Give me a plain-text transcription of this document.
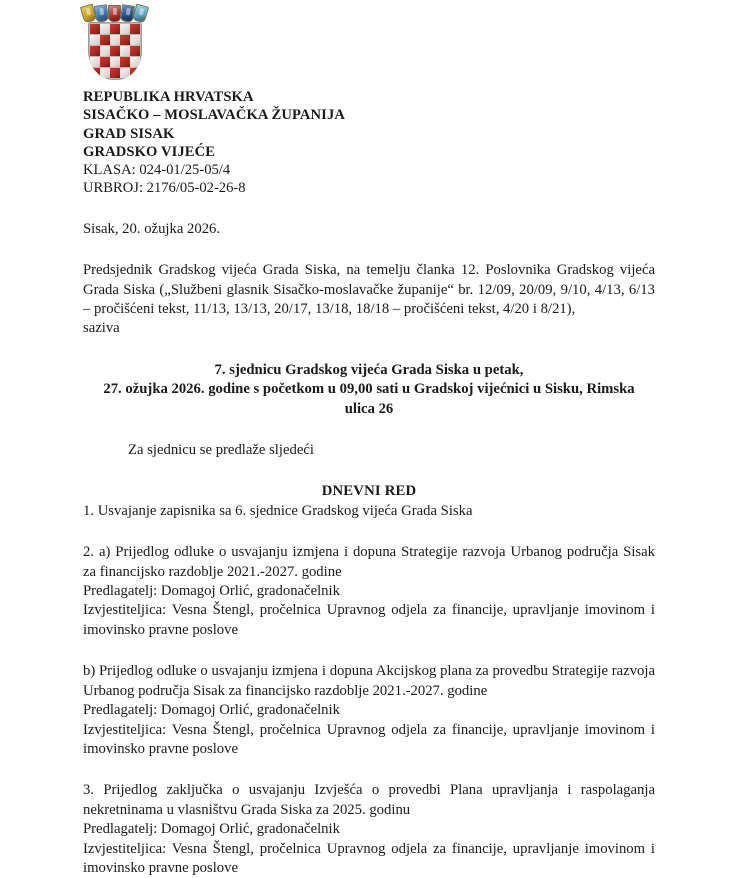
REPUBLIKA HRVATSKA
SISAČKO – MOSLAVAČKA ŽUPANIJA
GRAD SISAK
GRADSKO VIJEĆE
KLASA: 024-01/25-05/4
URBROJ: 2176/05-02-26-8
Sisak, 20. ožujka 2026.
Predsjednik Gradskog vijeća Grada Siska, na temelju članka 12. Poslovnika Gradskog vijeća Grada Siska („Službeni glasnik Sisačko-moslavačke županije“ br. 12/09, 20/09, 9/10, 4/13, 6/13 – pročišćeni tekst, 11/13, 13/13, 20/17, 13/18, 18/18 – pročišćeni tekst, 4/20 i 8/21),
saziva
7. sjednicu Gradskog vijeća Grada Siska u petak,
27. ožujka 2026. godine s početkom u 09,00 sati u Gradskoj vijećnici u Sisku, Rimska
ulica 26
Za sjednicu se predlaže sljedeći
DNEVNI RED
1. Usvajanje zapisnika sa 6. sjednice Gradskog vijeća Grada Siska
2. a) Prijedlog odluke o usvajanju izmjena i dopuna Strategije razvoja Urbanog područja Sisak za financijsko razdoblje 2021.-2027. godine
Predlagatelj: Domagoj Orlić, gradonačelnik
Izvjestiteljica: Vesna Štengl, pročelnica Upravnog odjela za financije, upravljanje imovinom i imovinsko pravne poslove
b) Prijedlog odluke o usvajanju izmjena i dopuna Akcijskog plana za provedbu Strategije razvoja Urbanog područja Sisak za financijsko razdoblje 2021.-2027. godine
Predlagatelj: Domagoj Orlić, gradonačelnik
Izvjestiteljica: Vesna Štengl, pročelnica Upravnog odjela za financije, upravljanje imovinom i imovinsko pravne poslove
3. Prijedlog zaključka o usvajanju Izvješća o provedbi Plana upravljanja i raspolaganja nekretninama u vlasništvu Grada Siska za 2025. godinu
Predlagatelj: Domagoj Orlić, gradonačelnik
Izvjestiteljica: Vesna Štengl, pročelnica Upravnog odjela za financije, upravljanje imovinom i imovinsko pravne poslove
